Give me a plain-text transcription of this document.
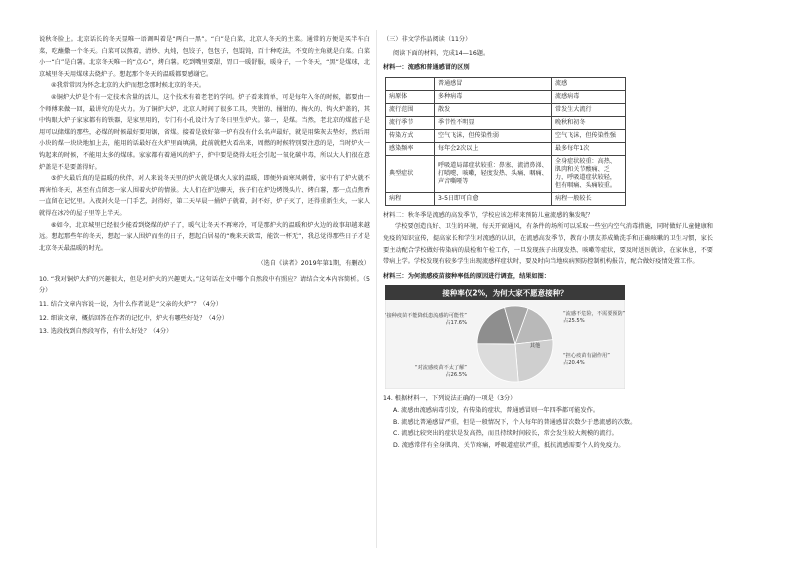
说秋冬脸上。北京话长的冬天显唯一语调叫着是“两白一黑”。“白”是白菜，北京人冬天的主菜。通常的方便是买半车白菜，吃蘸撒一个冬天。白菜可以熬着，清炒、丸炖，包饺子，包包子，包馄饨，百十种吃法，不变的主角就是白菜。白菜小一“白”是白薯。北京冬天唯一的“点心”，烤白薯。吃到嘴里要甜，胃口一暖舒服，暖身子，一个冬天，“黑”是煤球，北京城里冬天用煤球去烧炉子。想起那个冬天的温暖都要感谢它。

④我常常因为怀念北京的大炉而想念那时候北京的冬天。

④铜炉大炉是个有一定技术含量的活儿，这个技术有着老老的学问。炉子看来简单，可是每年入冬的时候，都要由一个师傅来做一回，最讲究的是火力。为了铜炉大炉，北京人时间了很多工具，夹钳的、捅钳的、掏火的、钩火炉盖的，其中钩眼大炉子家家都有的铁器，是家里用的，专门有小孔设计为了冬日里生炉火。第一，是煤。当然，老北京的煤蓝子是用可以储煤的那些，必煤的时候最好要用锯，省煤。接着是放好第一炉有没有什么名声最好，就是用柴灰去垫好，然后用小块的煤一块块地加上去，能用的话最好在火炉里面填满，此前就把火看出来，周燃的时候特别要注意的是，当时炉火一钩起来的时候，不能用太多的煤球。家家都有着通风的炉子，炉中要是烧得太旺会引起一氧化碳中毒，所以大人们很在意炉盖是不是要盖得好。

⑤炉火最后真的是温暖的伙伴，对人来说冬天里的炉火就是烟火人家的温暖，即便外面寒风刺骨，家中有了炉火就不再害怕冬天，甚至有点留恋一家人围着火炉的情景。大人们在炉边聊天，孩子们在炉边烤馒头片、烤白薯，那一点点焦香一直留在记忆里。入夜封火是一门手艺，封得好，第二天早晨一捅炉子就着，封不好，炉子灭了，还得重新生火，一家人就得在冰冷的屋子里等上半天。

⑥如今，北京城里已经很少能看到烧煤的炉子了，暖气让冬天不再寒冷，可是那炉火的温暖和炉火边的故事却越来越远。想起那些年的冬天，想起一家人围炉而坐的日子，想起白居易的“晚来天欲雪，能饮一杯无”，我总觉得那些日子才是北京冬天最温暖的时光。

（选自《读者》2019年第1期，有删改）

10. “我对铜炉大炉的兴趣很大，但是对炉火的兴趣更大。”这句话在文中哪个自然段中有照应？请结合文本内容简析。（5分）

11. 结合文章内容说一说，为什么作者说是“父亲的火炉”？（4分）

12. 细读文章，概括回答在作者的记忆中，炉火有哪些好处？（4分）

13. 选段找到自然段写作，有什么好处？（4分）

（三）非文学作品阅读（11分）

阅读下面的材料，完成14—16题。

材料一：流感和普通感冒的区别

	普通感冒	流感
病原体	多种病毒	流感病毒
流行范围	散发	常发生大流行
流行季节	季节性不明显	晚秋和初冬
传染方式	空气飞沫，但传染性弱	空气飞沫，但传染性强
感染频率	每年会2次以上	最多每年1次
典型症状	呼吸道局部症状较重：鼻塞、流清鼻涕、打喷嚏、咳嗽，轻度发热、头痛、咽痛、声音嘶哑等	全身症状较重：高热、肌肉和关节酸痛、乏力，呼吸道症状较轻，但有咽痛、头痛较重。
病程	3-5日即可自愈	病程一般较长

材料二：秋冬季是流感的高发季节，学校应该怎样来预防儿童流感的集发呢？

学校要创造良好、卫生的环境，每天开窗通风，有条件的场所可以采取一些室内空气消毒措施，同时做好儿童健康和免疫的知识宣传，提高家长和学生对流感的认识，在流感高发季节，教育小朋友养成勤洗手和正确咳嗽的卫生习惯，家长要主动配合学校做好传染病的晨检和午检工作，一旦发现孩子出现发热、咳嗽等症状，要及时送医就诊，在家休息，不要带病上学。学校发现有较多学生出现流感样症状时，要及时向当地疾病预防控制机构报告，配合做好疫情处置工作。

材料三：为何流感疫苗接种率低的原因进行调查，结果如图：

接种率仅2%，为何大家不愿意接种？
“接种疫苗不能降低患流感的可能性”
占17.6%
“流感不危险，不需要预防”
占25.5%
“对流感疫苗不太了解”
占26.5%
“担心疫苗有副作用”
占20.4%
其他

14. 根据材料一，下列说法正确的一项是（3分）

A. 流感由流感病毒引发，有传染的症状，普通感冒则一年四季都可能发作。

B. 流感比普通感冒严重，但是一般情况下，个人每年的普通感冒次数少于患流感的次数。

C. 流感比较突出的症状是发高热，而且持续时间较长，常会发生较大规模的流行。

D. 流感常伴有全身肌肉、关节疼痛，呼吸道症状严重，抵抗流感需要个人的免疫力。
